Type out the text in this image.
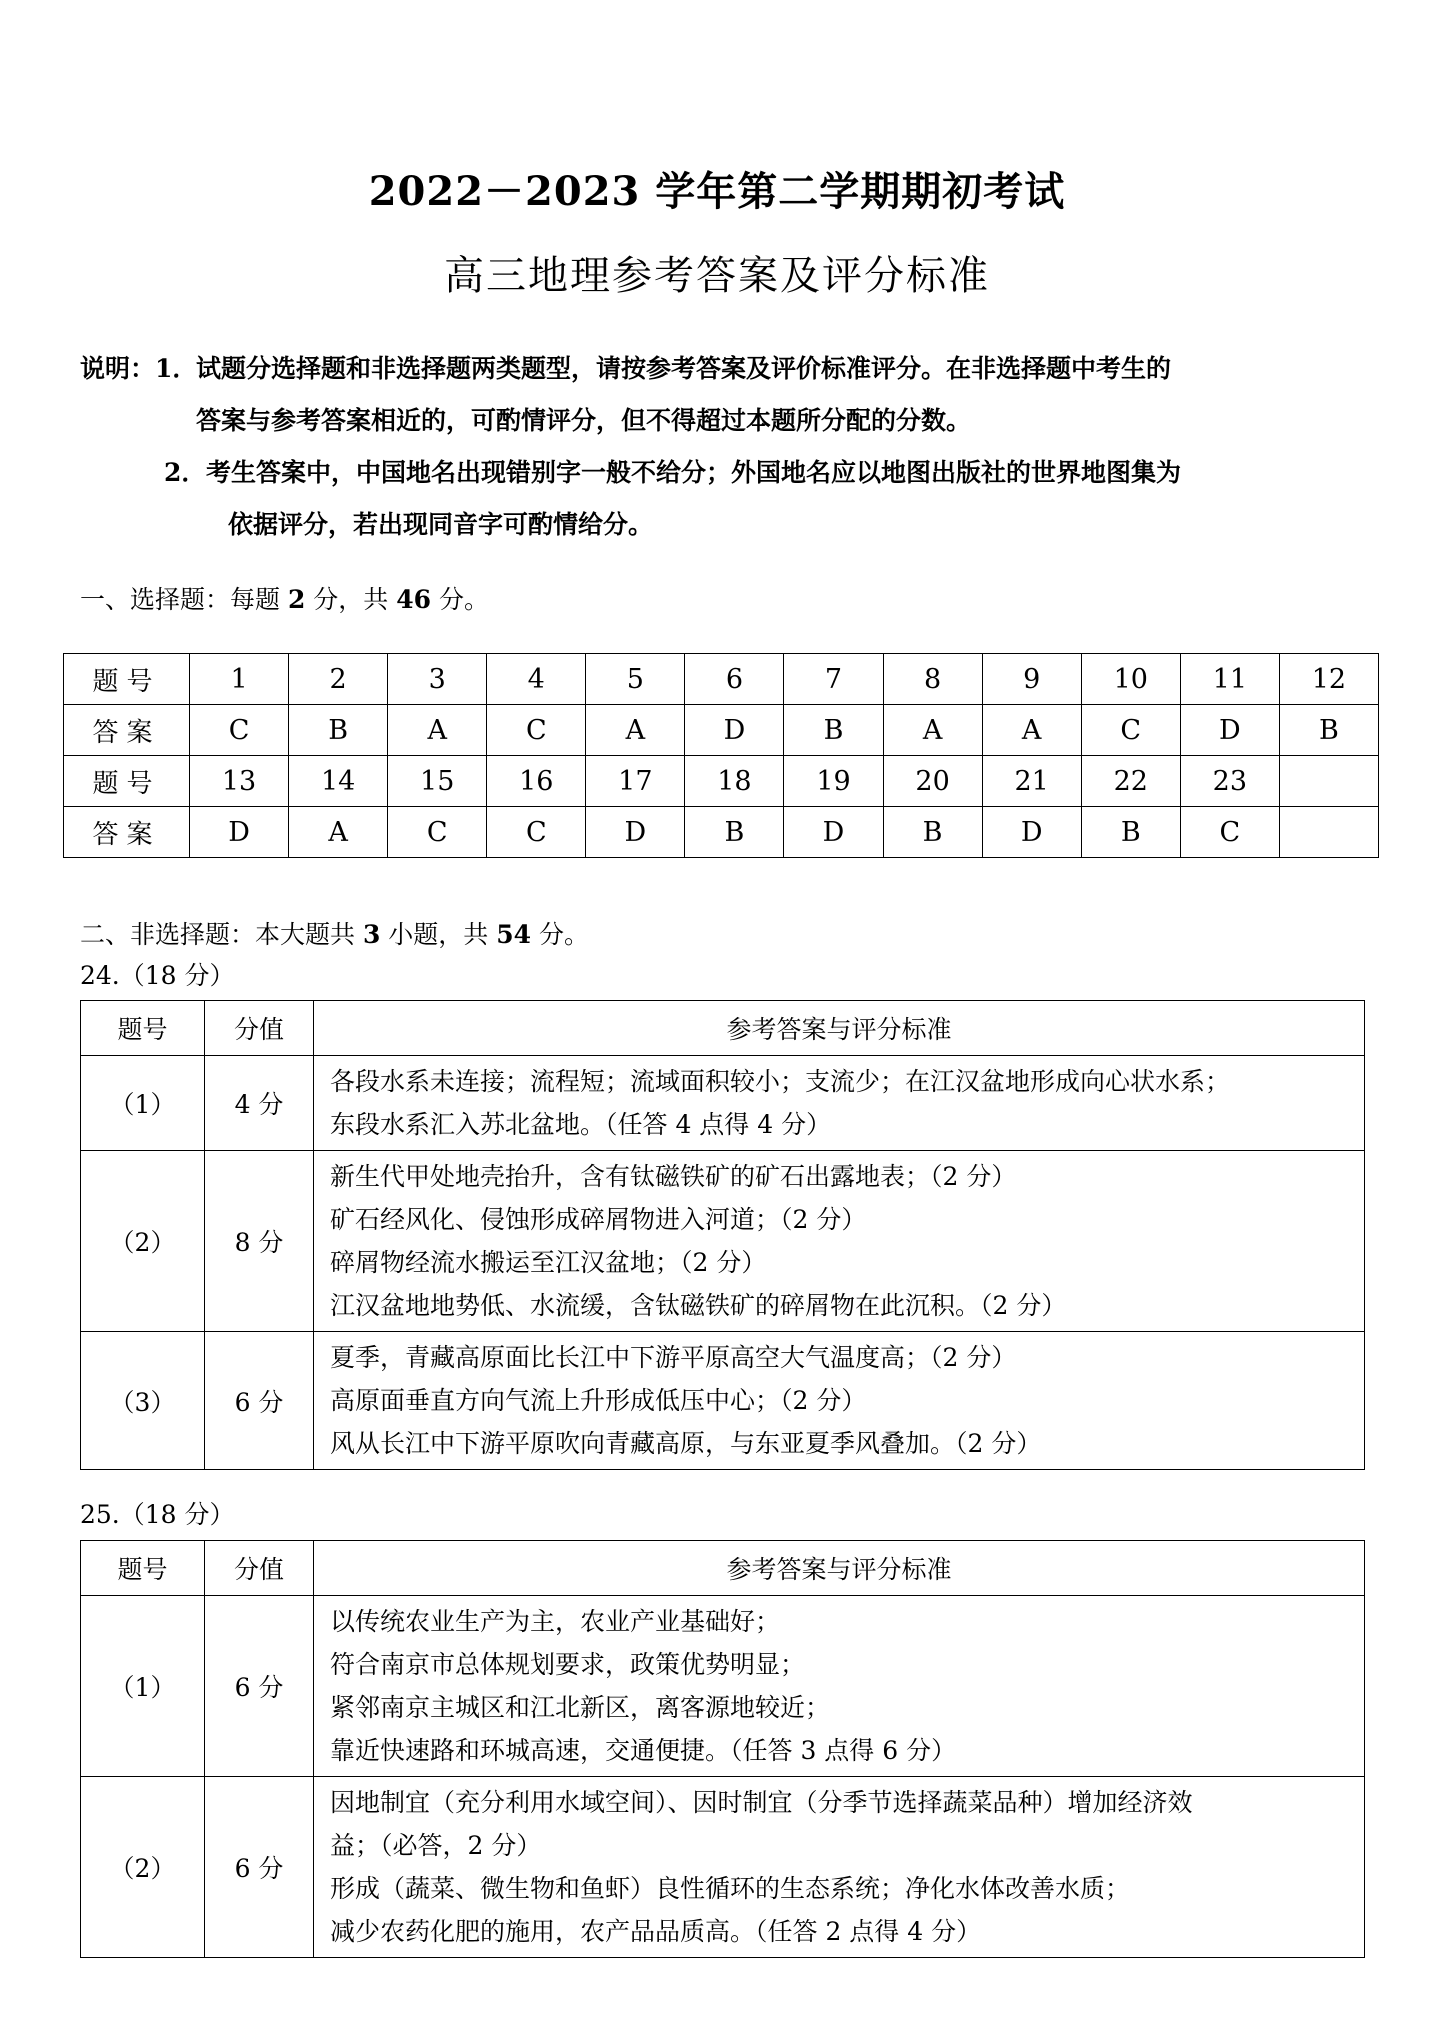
2022－2023 学年第二学期期初考试
高三地理参考答案及评分标准
说明：1．
试题分选择题和非选择题两类题型，请按参考答案及评价标准评分。在非选择题中考生的
答案与参考答案相近的，可酌情评分，但不得超过本题所分配的分数。
2． 考生答案中，中国地名出现错别字一般不给分；外国地名应以地图出版社的世界地图集为
依据评分，若出现同音字可酌情给分。
一、选择题：每题 2 分，共 46 分。
题号	1	2	3	4	5	6	7	8	9	10	11	12
答案	C	B	A	C	A	D	B	A	A	C	D	B
题号	13	14	15	16	17	18	19	20	21	22	23	
答案	D	A	C	C	D	B	D	B	D	B	C	
二、非选择题：本大题共 3 小题，共 54 分。
24.（18 分）
题号	分值	参考答案与评分标准
（1）	4 分	各段水系未连接；流程短；流域面积较小；支流少；在江汉盆地形成向心状水系；
东段水系汇入苏北盆地。（任答 4 点得 4 分）

（2）	8 分	新生代甲处地壳抬升，含有钛磁铁矿的矿石出露地表；（2 分）
矿石经风化、侵蚀形成碎屑物进入河道；（2 分）
碎屑物经流水搬运至江汉盆地；（2 分）
江汉盆地地势低、水流缓，含钛磁铁矿的碎屑物在此沉积。（2 分）

（3）	6 分	夏季，青藏高原面比长江中下游平原高空大气温度高；（2 分）
高原面垂直方向气流上升形成低压中心；（2 分）
风从长江中下游平原吹向青藏高原，与东亚夏季风叠加。（2 分）
25.（18 分）
题号	分值	参考答案与评分标准
（1）	6 分	以传统农业生产为主，农业产业基础好；
符合南京市总体规划要求，政策优势明显；
紧邻南京主城区和江北新区，离客源地较近；
靠近快速路和环城高速，交通便捷。（任答 3 点得 6 分）

（2）	6 分	因地制宜（充分利用水域空间）、因时制宜（分季节选择蔬菜品种）增加经济效
益；（必答，2 分）
形成（蔬菜、微生物和鱼虾）良性循环的生态系统；净化水体改善水质；
减少农药化肥的施用，农产品品质高。（任答 2 点得 4 分）
